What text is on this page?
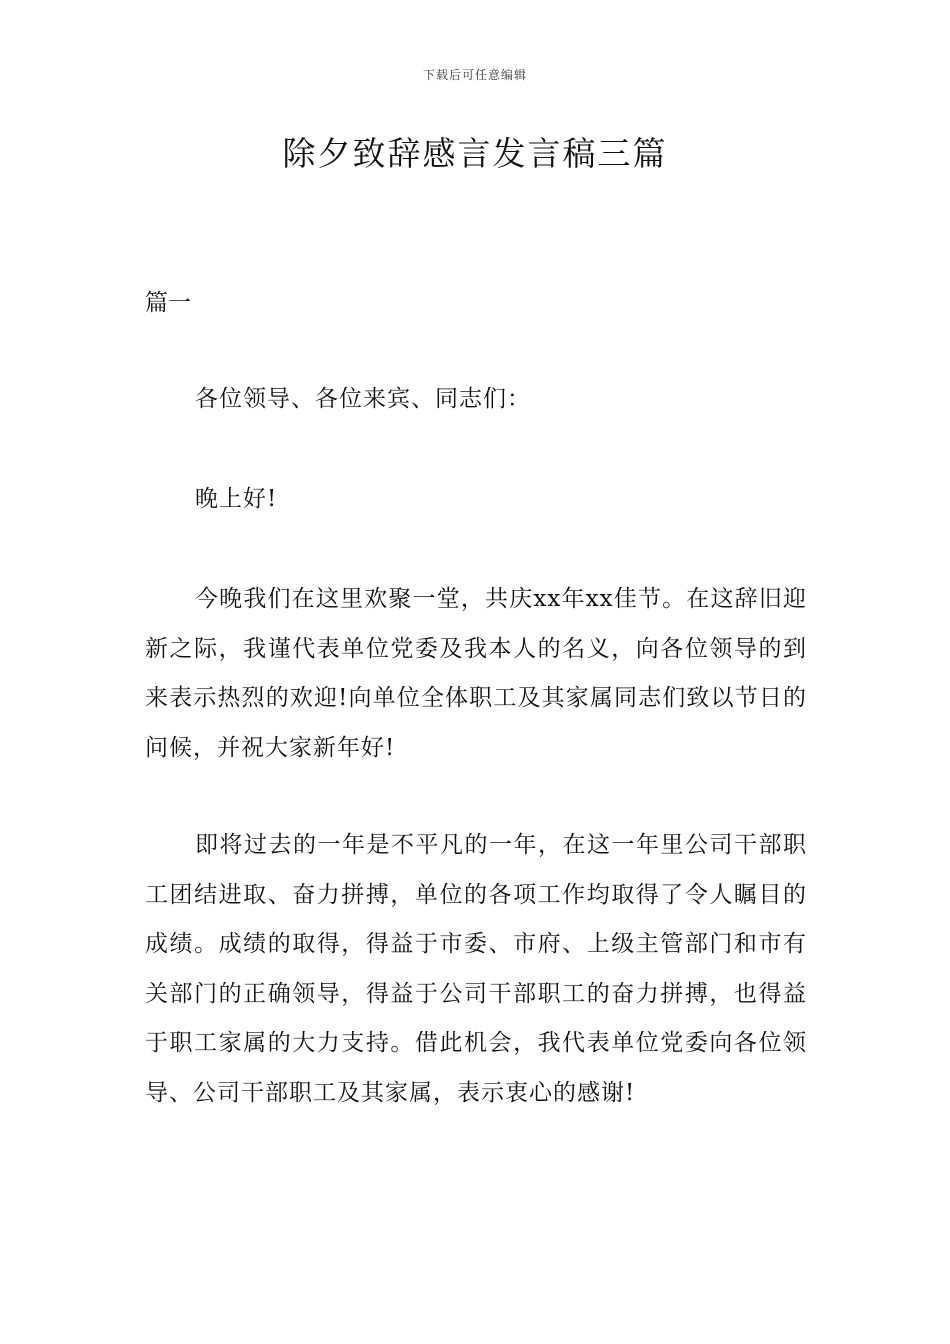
下载后可任意编辑
除夕致辞感言发言稿三篇
篇一

各位领导、各位来宾、同志们：

晚上好!

今晚我们在这里欢聚一堂，共庆xx年xx佳节。在这辞旧迎新之际，我谨代表单位党委及我本人的名义，向各位领导的到来表示热烈的欢迎!向单位全体职工及其家属同志们致以节日的问候，并祝大家新年好!

即将过去的一年是不平凡的一年，在这一年里公司干部职工团结进取、奋力拼搏，单位的各项工作均取得了令人瞩目的成绩。成绩的取得，得益于市委、市府、上级主管部门和市有关部门的正确领导，得益于公司干部职工的奋力拼搏，也得益于职工家属的大力支持。借此机会，我代表单位党委向各位领导、公司干部职工及其家属，表示衷心的感谢!
